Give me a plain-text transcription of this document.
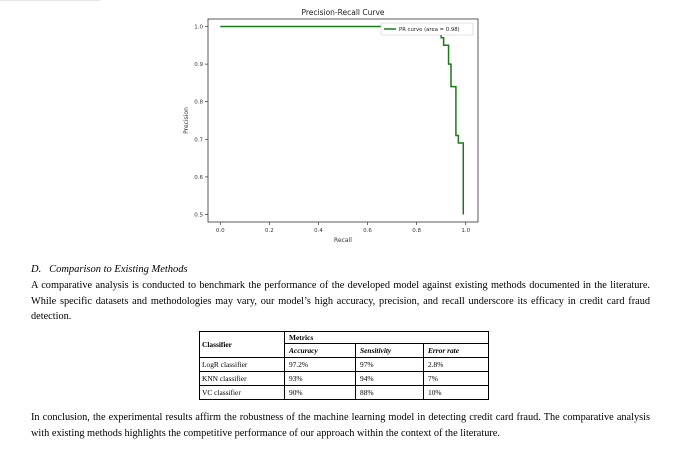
Precision-Recall Curve
0.0	0.2	0.4	0.6	0.8	1.0
0.5
0.6
0.7
0.8
0.9
1.0
Recall
Precision
PR curve (area = 0.98)
D. Comparison to Existing Methods
A comparative analysis is conducted to benchmark the performance of the developed model against existing methods documented in the literature. While specific datasets and methodologies may vary, our model’s high accuracy, precision, and recall underscore its efficacy in credit card fraud detection.
Classifier	Metrics		
	Accuracy	Sensitivity	Error rate
LogR classifier	97.2%	97%	2.8%
KNN classifier	93%	94%	7%
VC classifier	90%	88%	10%
In conclusion, the experimental results affirm the robustness of the machine learning model in detecting credit card fraud. The comparative analysis with existing methods highlights the competitive performance of our approach within the context of the literature.
